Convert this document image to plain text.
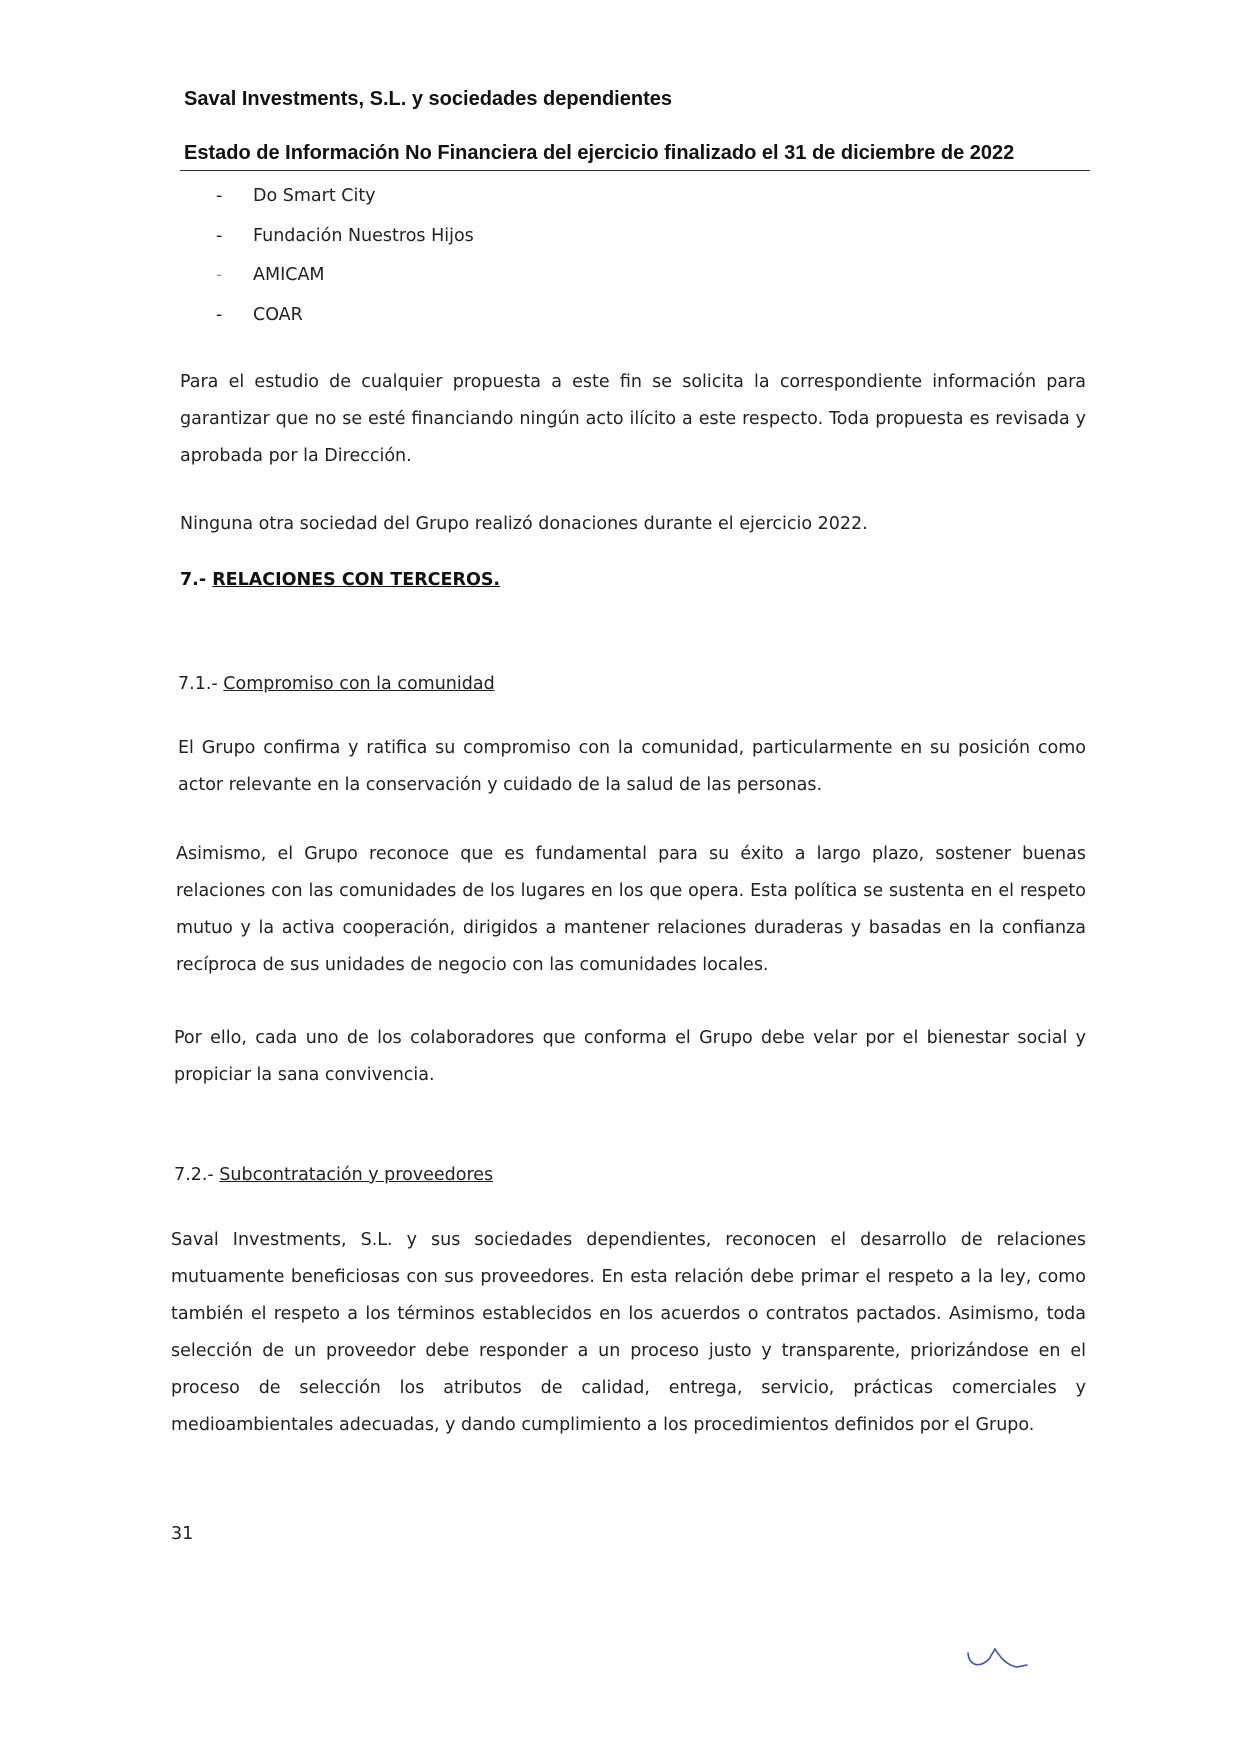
Saval Investments, S.L. y sociedades dependientes
Estado de Información No Financiera del ejercicio finalizado el 31 de diciembre de 2022
-	Do Smart City
-	Fundación Nuestros Hijos
-	AMICAM
-	COAR

Para el estudio de cualquier propuesta a este fin se solicita la correspondiente información para garantizar que no se esté financiando ningún acto ilícito a este respecto. Toda propuesta es revisada y aprobada por la Dirección.

Ninguna otra sociedad del Grupo realizó donaciones durante el ejercicio 2022.

7.- RELACIONES CON TERCEROS.
7.1.- Compromiso con la comunidad

El Grupo confirma y ratifica su compromiso con la comunidad, particularmente en su posición como actor relevante en la conservación y cuidado de la salud de las personas.

Asimismo, el Grupo reconoce que es fundamental para su éxito a largo plazo, sostener buenas relaciones con las comunidades de los lugares en los que opera. Esta política se sustenta en el respeto mutuo y la activa cooperación, dirigidos a mantener relaciones duraderas y basadas en la confianza recíproca de sus unidades de negocio con las comunidades locales.

Por ello, cada uno de los colaboradores que conforma el Grupo debe velar por el bienestar social y propiciar la sana convivencia.

7.2.- Subcontratación y proveedores

Saval Investments, S.L. y sus sociedades dependientes, reconocen el desarrollo de relaciones mutuamente beneficiosas con sus proveedores. En esta relación debe primar el respeto a la ley, como también el respeto a los términos establecidos en los acuerdos o contratos pactados. Asimismo, toda selección de un proveedor debe responder a un proceso justo y transparente, priorizándose en el proceso de selección los atributos de calidad, entrega, servicio, prácticas comerciales y medioambientales adecuadas, y dando cumplimiento a los procedimientos definidos por el Grupo.

31
